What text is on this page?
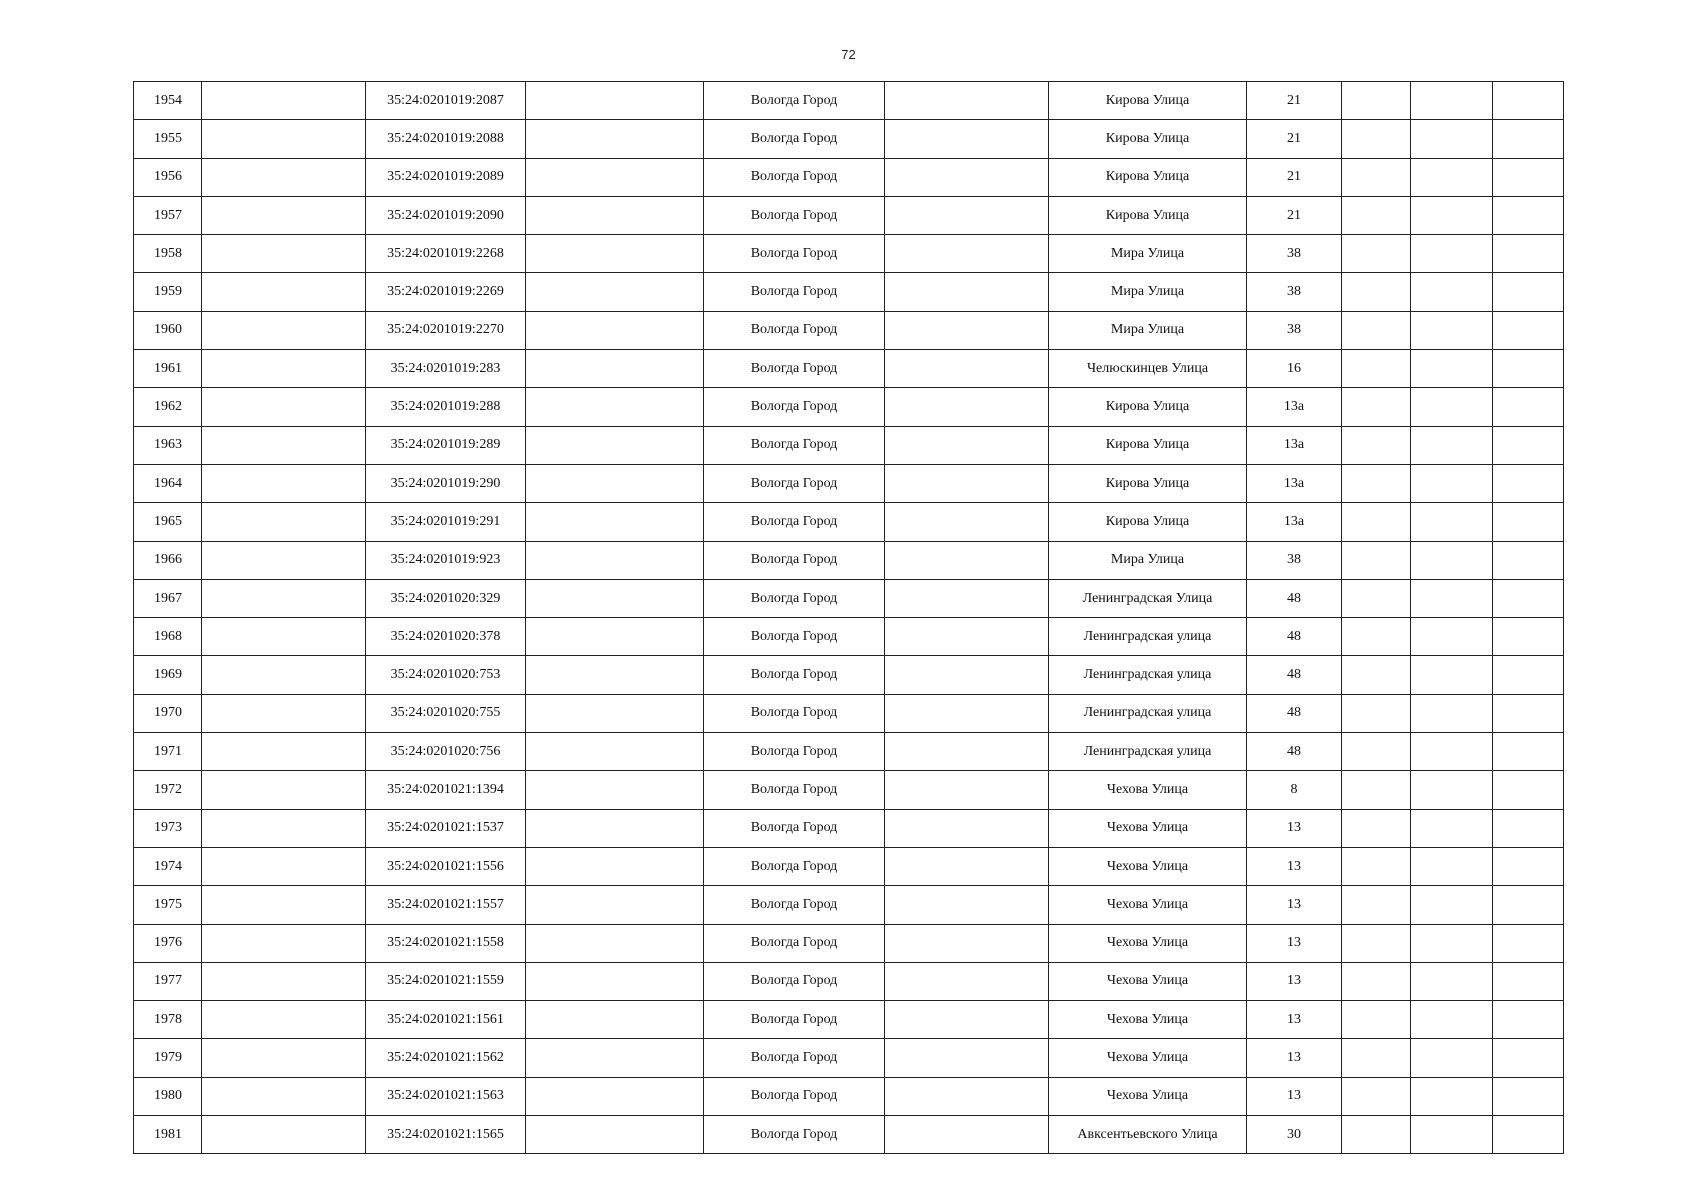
72
1954		35:24:0201019:2087		Вологда Город		Кирова Улица	21			
1955		35:24:0201019:2088		Вологда Город		Кирова Улица	21			
1956		35:24:0201019:2089		Вологда Город		Кирова Улица	21			
1957		35:24:0201019:2090		Вологда Город		Кирова Улица	21			
1958		35:24:0201019:2268		Вологда Город		Мира Улица	38			
1959		35:24:0201019:2269		Вологда Город		Мира Улица	38			
1960		35:24:0201019:2270		Вологда Город		Мира Улица	38			
1961		35:24:0201019:283		Вологда Город		Челюскинцев Улица	16			
1962		35:24:0201019:288		Вологда Город		Кирова Улица	13а			
1963		35:24:0201019:289		Вологда Город		Кирова Улица	13а			
1964		35:24:0201019:290		Вологда Город		Кирова Улица	13а			
1965		35:24:0201019:291		Вологда Город		Кирова Улица	13а			
1966		35:24:0201019:923		Вологда Город		Мира Улица	38			
1967		35:24:0201020:329		Вологда Город		Ленинградская Улица	48			
1968		35:24:0201020:378		Вологда Город		Ленинградская улица	48			
1969		35:24:0201020:753		Вологда Город		Ленинградская улица	48			
1970		35:24:0201020:755		Вологда Город		Ленинградская улица	48			
1971		35:24:0201020:756		Вологда Город		Ленинградская улица	48			
1972		35:24:0201021:1394		Вологда Город		Чехова Улица	8			
1973		35:24:0201021:1537		Вологда Город		Чехова Улица	13			
1974		35:24:0201021:1556		Вологда Город		Чехова Улица	13			
1975		35:24:0201021:1557		Вологда Город		Чехова Улица	13			
1976		35:24:0201021:1558		Вологда Город		Чехова Улица	13			
1977		35:24:0201021:1559		Вологда Город		Чехова Улица	13			
1978		35:24:0201021:1561		Вологда Город		Чехова Улица	13			
1979		35:24:0201021:1562		Вологда Город		Чехова Улица	13			
1980		35:24:0201021:1563		Вологда Город		Чехова Улица	13			
1981		35:24:0201021:1565		Вологда Город		Авксентьевского Улица	30			
